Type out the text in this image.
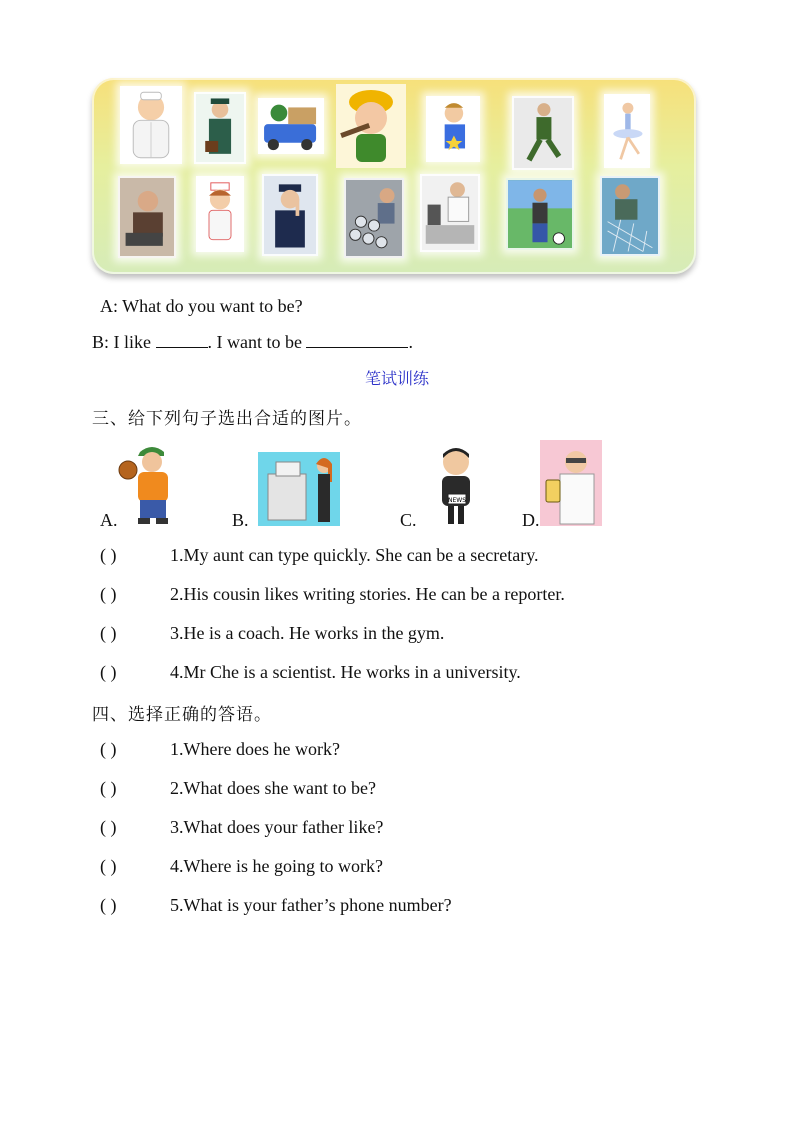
A: What do you want to be?
B: I like	. I want to be	.
笔试训练
三、给下列句子选出合适的图片。
A.	B.	C.
NEWS
D.
( )	1.My aunt can type quickly. She can be a secretary.
( )	2.His cousin likes writing stories. He can be a reporter.
( )	3.He is a coach. He works in the gym.
( )	4.Mr Che is a scientist. He works in a university.
四、选择正确的答语。
( )	1.Where does he work?
( )	2.What does she want to be?
( )	3.What does your father like?
( )	4.Where is he going to work?
( )	5.What is your father’s phone number?
